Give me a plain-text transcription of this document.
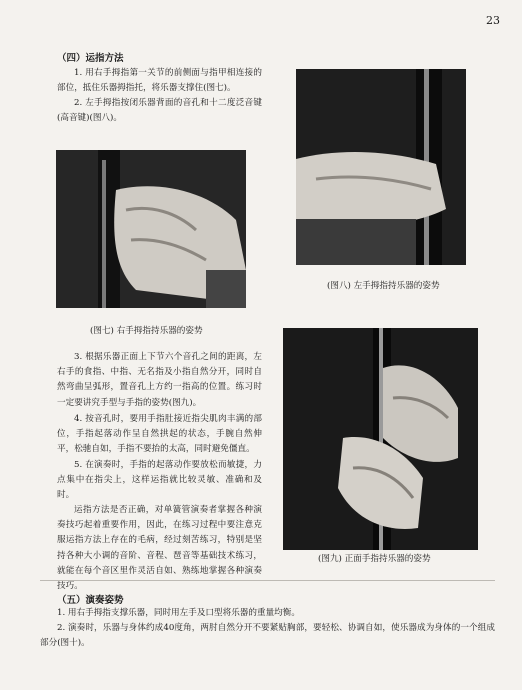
23
（四）运指方法

1. 用右手拇指第一关节的前侧面与指甲相连接的部位，抵住乐器拇指托，将乐器支撑住(图七)。

2. 左手拇指按闭乐器背面的音孔和十二度泛音键(高音键)(图八)。

(图七) 右手拇指持乐器的姿势
(图八) 左手拇指持乐器的姿势

3. 根据乐器正面上下节六个音孔之间的距离，左右手的食指、中指、无名指及小指自然分开，同时自然弯曲呈弧形，置音孔上方约一指高的位置。练习时一定要讲究手型与手指的姿势(图九)。

4. 按音孔时，要用手指肚接近指尖肌肉丰满的部位，手指起落动作呈自然拱起的状态，手腕自然伸平，松驰自如，手指不要抬的太高，同时避免僵直。

5. 在演奏时，手指的起落动作要放松而敏捷，力点集中在指尖上，这样运指就比较灵敏、准确和及时。

运指方法是否正确，对单簧管演奏者掌握各种演奏技巧起着重要作用，因此，在练习过程中要注意克服运指方法上存在的毛病，经过刻苦练习，特别是坚持各种大小调的音阶、音程、琶音等基础技术练习，就能在每个音区里作灵活自如、熟练地掌握各种演奏技巧。

(图九) 正面手指持乐器的姿势
（五）演奏姿势

1. 用右手拇指支撑乐器，同时用左手及口型将乐器的重量均衡。

2. 演奏时，乐器与身体约成40度角，两肘自然分开不要紧贴胸部，要轻松、协调自如，使乐器成为身体的一个组成部分(图十)。
